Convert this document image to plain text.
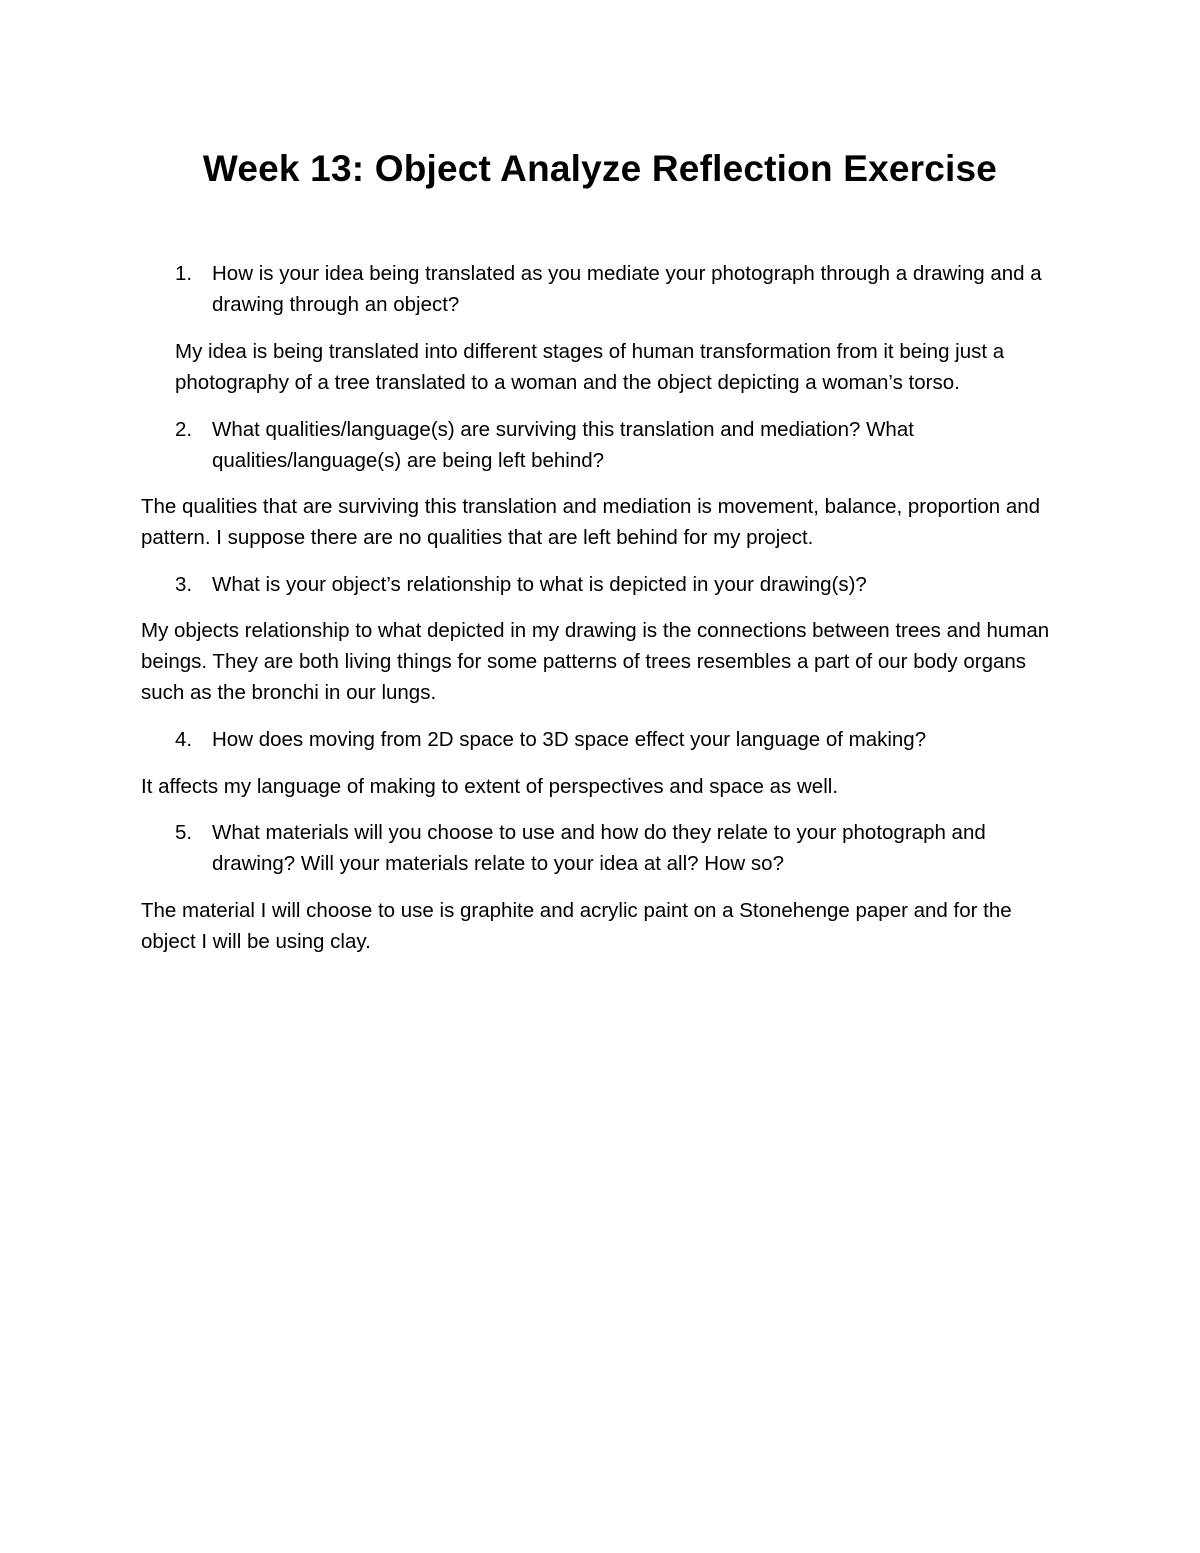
Week 13: Object Analyze Reflection Exercise
1. How is your idea being translated as you mediate your photograph through a drawing and a drawing through an object?
My idea is being translated into different stages of human transformation from it being just a photography of a tree translated to a woman and the object depicting a woman’s torso.
2. What qualities/language(s) are surviving this translation and mediation? What qualities/language(s) are being left behind?
The qualities that are surviving this translation and mediation is movement, balance, proportion and pattern. I suppose there are no qualities that are left behind for my project.
3. What is your object’s relationship to what is depicted in your drawing(s)?
My objects relationship to what depicted in my drawing is the connections between trees and human beings. They are both living things for some patterns of trees resembles a part of our body organs such as the bronchi in our lungs.
4. How does moving from 2D space to 3D space effect your language of making?
It affects my language of making to extent of perspectives and space as well.
5. What materials will you choose to use and how do they relate to your photograph and drawing? Will your materials relate to your idea at all? How so?
The material I will choose to use is graphite and acrylic paint on a Stonehenge paper and for the object I will be using clay.
